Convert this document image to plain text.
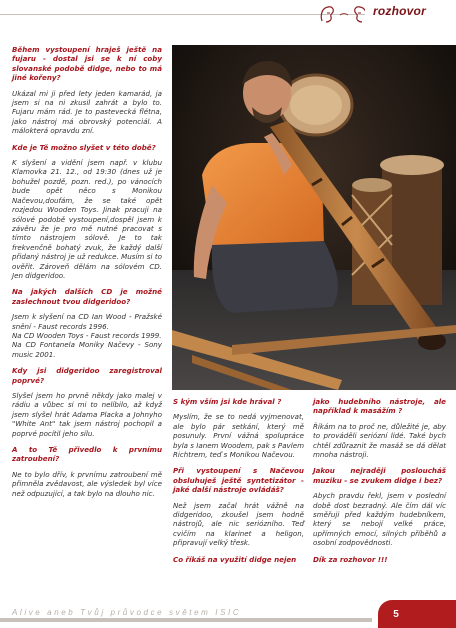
rozhovor

Během vystoupení hraješ ještě na fujaru - dostal jsi se k ní coby slovanské podobě didge, nebo to má jiné kořeny?

Ukázal mi ji před lety jeden kamarád, ja jsem si na ni zkusil zahrát a bylo to. Fujaru mám rád. Je to pastevecká flétna, jako nástroj má obrovský potenciál. A málokterá opravdu zní.

Kde je Tě možno slyšet v této době?

K slyšení a vidění jsem např. v klubu Klamovka 21. 12., od 19:30 (dnes už je bohužel pozdě, pozn. red.), po vánocích bude opět něco s Monikou Načevou,doufám, že se také opět rozjedou Wooden Toys. Jinak pracuji na sólové podobě vystoupení,dospěl jsem k závěru že je pro mě nutné pracovat s tímto nástrojem sólově. Je to tak frekvenčně bohatý zvuk, že každý další přidaný nástroj je už redukce. Musím si to ověřit. Zároveň dělám na sólovém CD. Jen didgeridoo.

Na jakých dalších CD je možné zaslechnout tvou didgeridoo?

Jsem k slyšení na CD Ian Wood - Pražské snění - Faust records 1996.
Na CD Wooden Toys - Faust records 1999.
Na CD Fontanela Moniky Načevy - Sony music 2001.

Kdy jsi didgeridoo zaregistroval poprvé?

Slyšel jsem ho prvně někdy jako malej v rádiu a vůbec si mi to nelíbilo, až když jsem slyšel hrát Adama Placka a Johnyho "White Ant" tak jsem nástroj pochopil a poprvé pocítil jeho sílu.

A to Tě přivedlo k prvnímu zatroubení?

Ne to bylo dřív, k prvnímu zatroubení mě přimněla zvědavost, ale výsledek byl více než odpuzující, a tak bylo na dlouho nic.

S kým vším jsi kde hrával ?

Myslím, že se to nedá vyjmenovat, ale bylo pár setkání, který mě posunuly. První vážná spolupráce byla s Ianem Woodem, pak s Pavlem Richtrem, teď s Monikou Načevou.

Při vystoupení s Načevou obsluhuješ ještě syntetizátor - jaké další nástroje ovládáš?

Než jsem začal hrát vážně na didgeridoo, zkoušel jsem hodně nástrojů, ale nic seriózního. Teď cvičím na klarinet a heligon, připravují velký třesk.

Co říkáš na využití didge nejen

jako hudebního nástroje, ale například k masážím ?

Říkám na to proč ne, důležité je, aby to prováděli seriózní lidé. Také bych chtěl zdůraznit že masáž se dá dělat mnoha nástroji.

Jakou nejraději posloucháš muziku - se zvukem didge i bez?

Abych pravdu řekl, jsem v poslední době dost bezradný. Ale čím dál víc směřuji před každým hudebníkem, který se nebojí velké práce, upřímných emocí, silných příběhů a osobní zodpovědnosti.

Dík za rozhovor !!!

Alive aneb Tvůj průvodce světem ISIC	5
